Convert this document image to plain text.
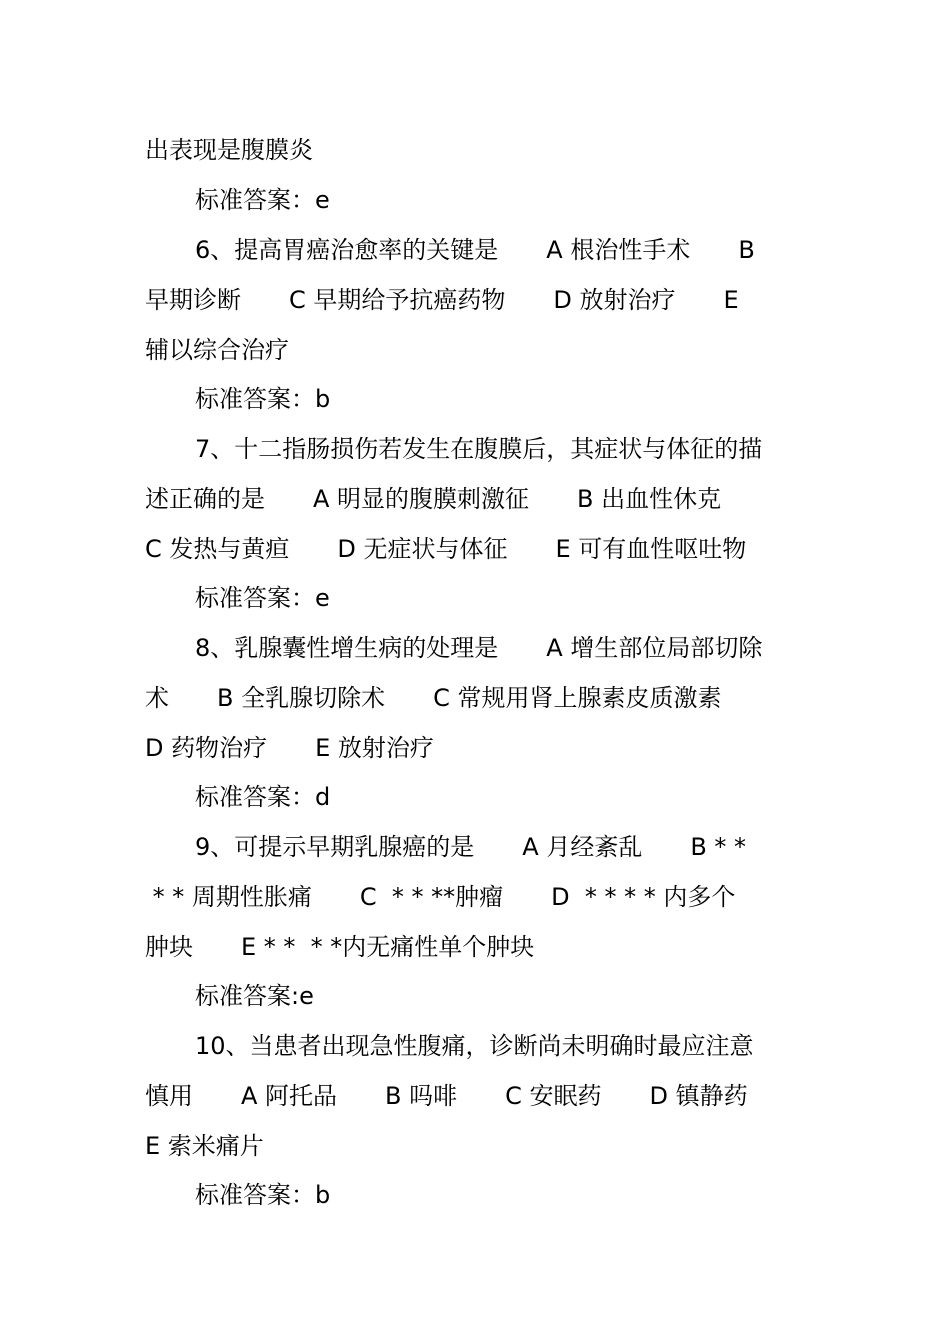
出表现是腹膜炎
标准答案：e
6、提高胃癌治愈率的关键是　　A 根治性手术　　B
早期诊断　　C 早期给予抗癌药物　　D 放射治疗　　E
辅以综合治疗
标准答案：b
7、十二指肠损伤若发生在腹膜后，其症状与体征的描
述正确的是　　A 明显的腹膜刺激征　　B 出血性休克
C 发热与黄疸　　D 无症状与体征　　E 可有血性呕吐物
标准答案：e
8、乳腺囊性增生病的处理是　　A 增生部位局部切除
术　　B 全乳腺切除术　　C 常规用肾上腺素皮质激素
D 药物治疗　　E 放射治疗
标准答案：d
9、可提示早期乳腺癌的是　　A 月经紊乱　　B * *
* * 周期性胀痛　　C  * * **肿瘤　　D  * * * * 内多个
肿块　　E * *  * *内无痛性单个肿块
标准答案:e
10、当患者出现急性腹痛，诊断尚未明确时最应注意
慎用　　A 阿托品　　B 吗啡　　C 安眠药　　D 镇静药
E 索米痛片
标准答案：b
